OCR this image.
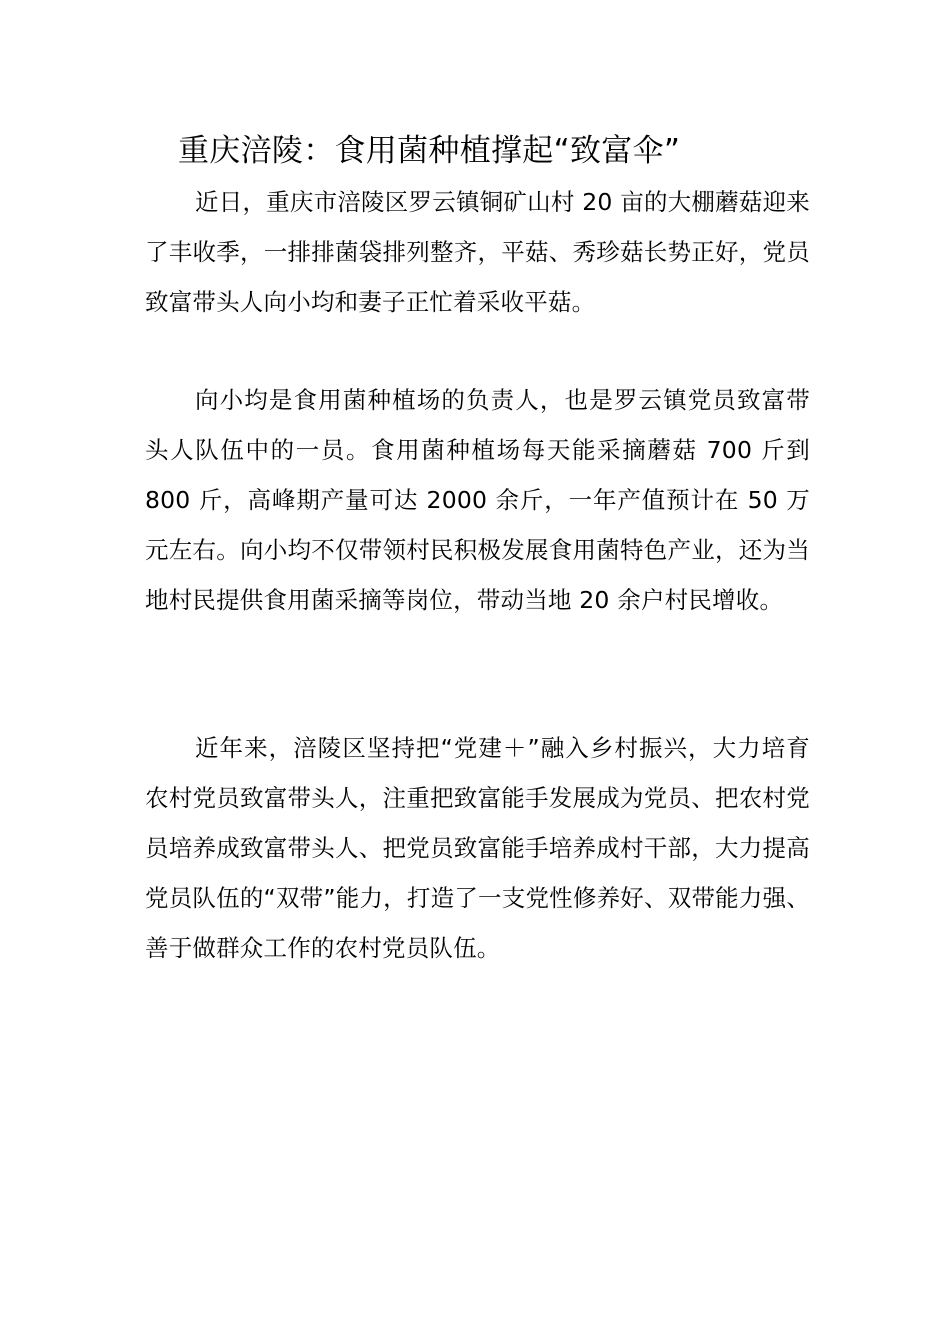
重庆涪陵：食用菌种植撑起“致富伞”

近日，重庆市涪陵区罗云镇铜矿山村 20 亩的大棚蘑菇迎来了丰收季，一排排菌袋排列整齐，平菇、秀珍菇长势正好，党员致富带头人向小均和妻子正忙着采收平菇。

向小均是食用菌种植场的负责人，也是罗云镇党员致富带头人队伍中的一员。食用菌种植场每天能采摘蘑菇 700 斤到 800 斤，高峰期产量可达 2000 余斤，一年产值预计在 50 万元左右。向小均不仅带领村民积极发展食用菌特色产业，还为当地村民提供食用菌采摘等岗位，带动当地 20 余户村民增收。

近年来，涪陵区坚持把“党建＋”融入乡村振兴，大力培育农村党员致富带头人，注重把致富能手发展成为党员、把农村党员培养成致富带头人、把党员致富能手培养成村干部，大力提高党员队伍的“双带”能力，打造了一支党性修养好、双带能力强、善于做群众工作的农村党员队伍。
